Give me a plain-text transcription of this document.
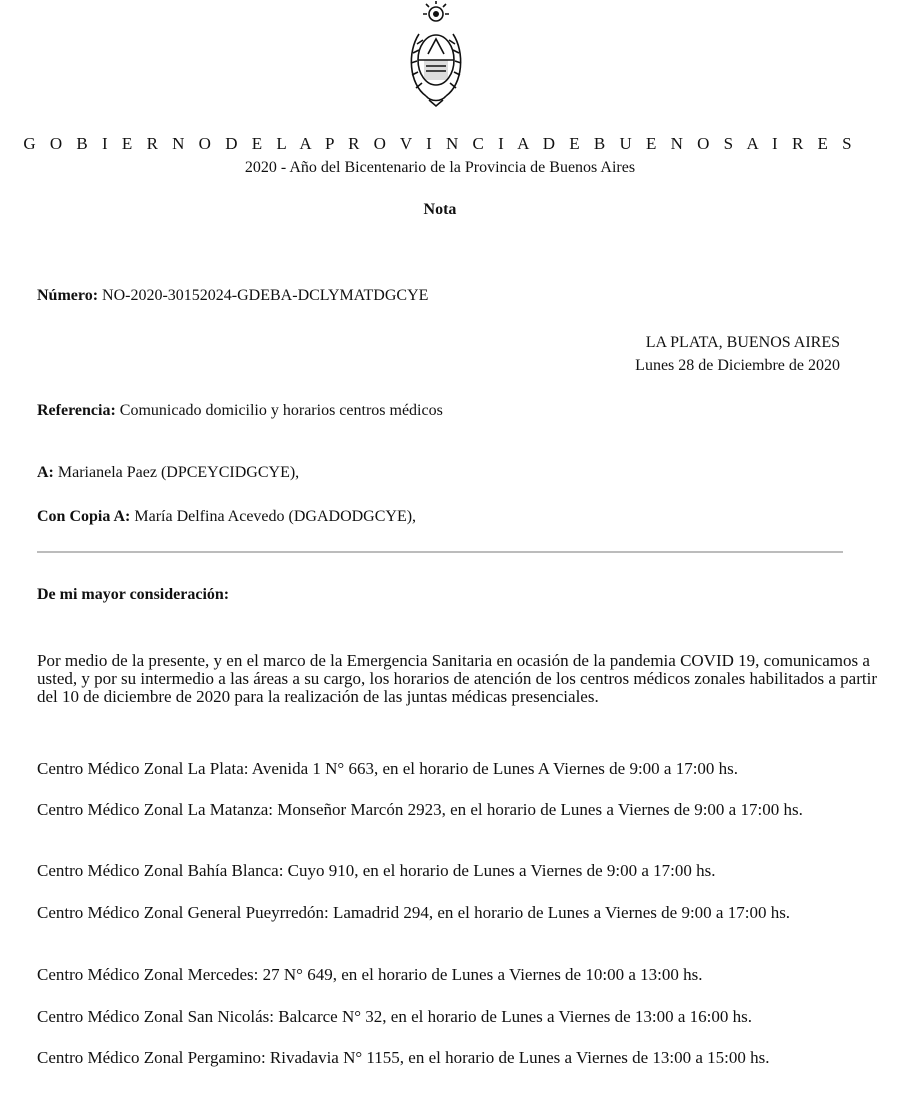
G O B I E R N O D E L A P R O V I N C I A D E B U E N O S A I R E S
2020 - Año del Bicentenario de la Provincia de Buenos Aires
Nota
Número: NO-2020-30152024-GDEBA-DCLYMATDGCYE
LA PLATA, BUENOS AIRES
Lunes 28 de Diciembre de 2020
Referencia: Comunicado domicilio y horarios centros médicos
A: Marianela Paez (DPCEYCIDGCYE),
Con Copia A: María Delfina Acevedo (DGADODGCYE),
De mi mayor consideración:
Por medio de la presente, y en el marco de la Emergencia Sanitaria en ocasión de la pandemia COVID 19, comunicamos a usted, y por su intermedio a las áreas a su cargo, los horarios de atención de los centros médicos zonales habilitados a partir del 10 de diciembre de 2020 para la realización de las juntas médicas presenciales.
Centro Médico Zonal La Plata: Avenida 1 N° 663, en el horario de Lunes A Viernes de 9:00 a 17:00 hs.
Centro Médico Zonal La Matanza: Monseñor Marcón 2923, en el horario de Lunes a Viernes de 9:00 a 17:00 hs.
Centro Médico Zonal Bahía Blanca: Cuyo 910, en el horario de Lunes a Viernes de 9:00 a 17:00 hs.
Centro Médico Zonal General Pueyrredón: Lamadrid 294, en el horario de Lunes a Viernes de 9:00 a 17:00 hs.
Centro Médico Zonal Mercedes: 27 N° 649, en el horario de Lunes a Viernes de 10:00 a 13:00 hs.
Centro Médico Zonal San Nicolás: Balcarce N° 32, en el horario de Lunes a Viernes de 13:00 a 16:00 hs.
Centro Médico Zonal Pergamino: Rivadavia N° 1155, en el horario de Lunes a Viernes de 13:00 a 15:00 hs.
